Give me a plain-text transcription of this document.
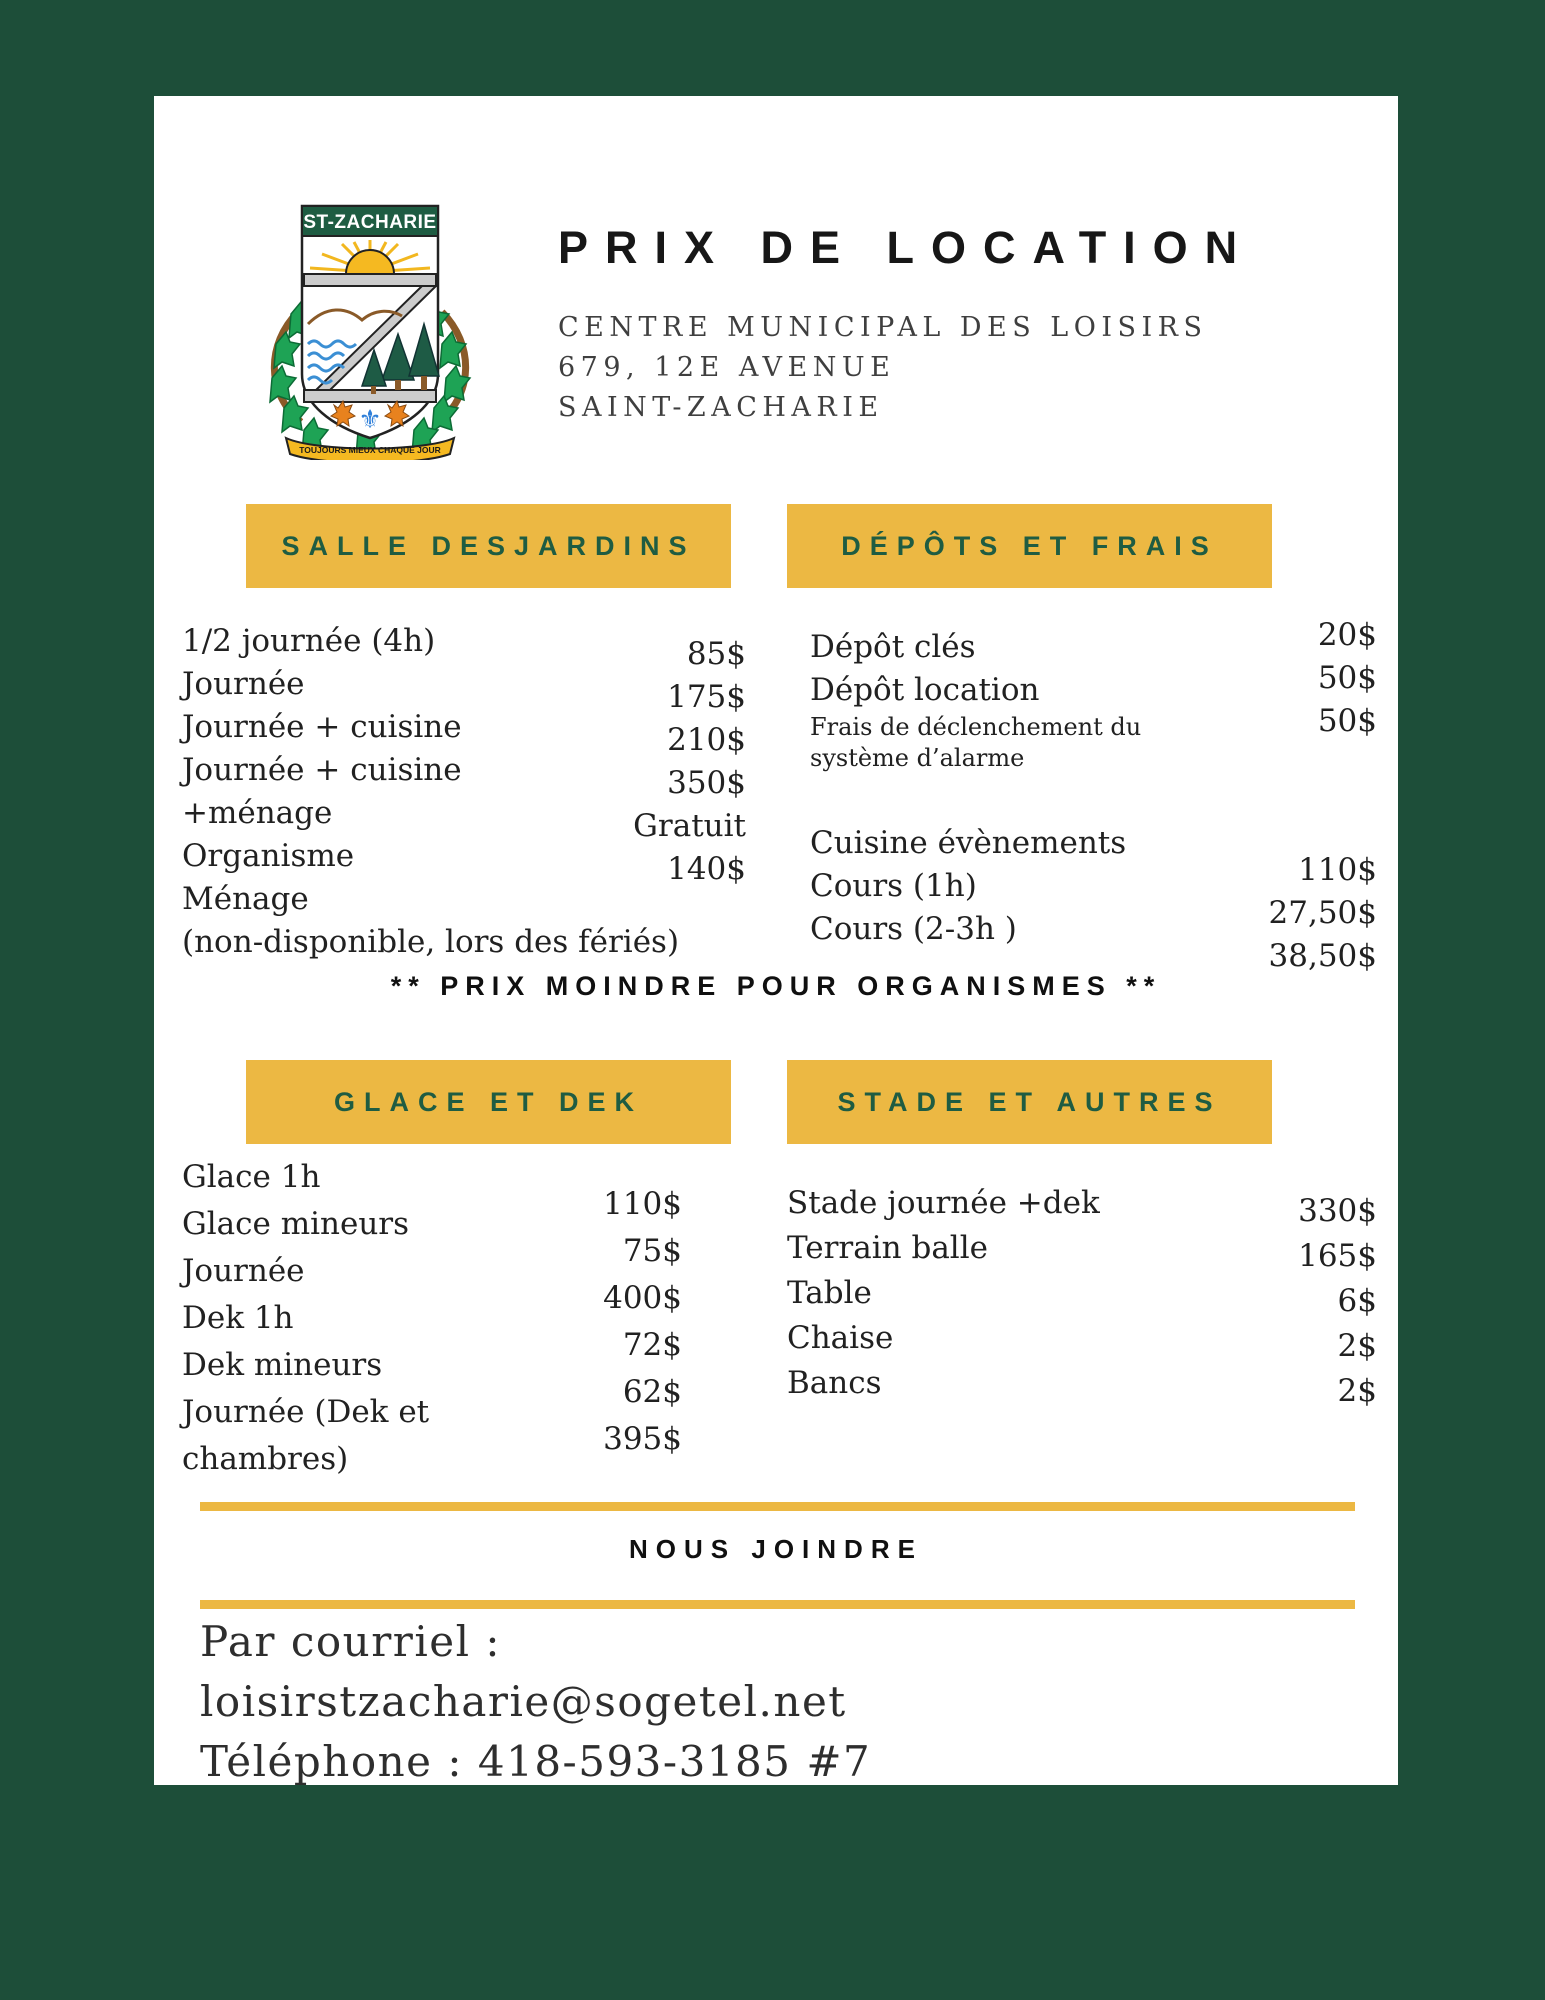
ST-ZACHARIE
⚜
TOUJOURS MIEUX CHAQUE JOUR
PRIX DE LOCATION
CENTRE MUNICIPAL DES LOISIRS
679, 12E AVENUE
SAINT-ZACHARIE
SALLE DESJARDINS
1/2 journée (4h)
Journée
Journée + cuisine
Journée + cuisine +ménage
Organisme
Ménage
85$
175$
210$
350$
Gratuit
140$
(non-disponible, lors des fériés)
DÉPÔTS ET FRAIS
Dépôt clés
Dépôt location
Frais de déclenchement du système d’alarme
20$
50$
50$
Cuisine évènements
Cours (1h)
Cours (2-3h )
110$
27,50$
38,50$
** PRIX MOINDRE POUR ORGANISMES **
GLACE ET DEK
Glace 1h
Glace mineurs
Journée
Dek 1h
Dek mineurs
Journée (Dek et chambres)
110$
75$
400$
72$
62$
395$
STADE ET AUTRES
Stade journée +dek
Terrain balle
Table
Chaise
Bancs
330$
165$
6$
2$
2$
NOUS JOINDRE
Par courriel :
loisirstzacharie@sogetel.net
Téléphone : 418-593-3185 #7
